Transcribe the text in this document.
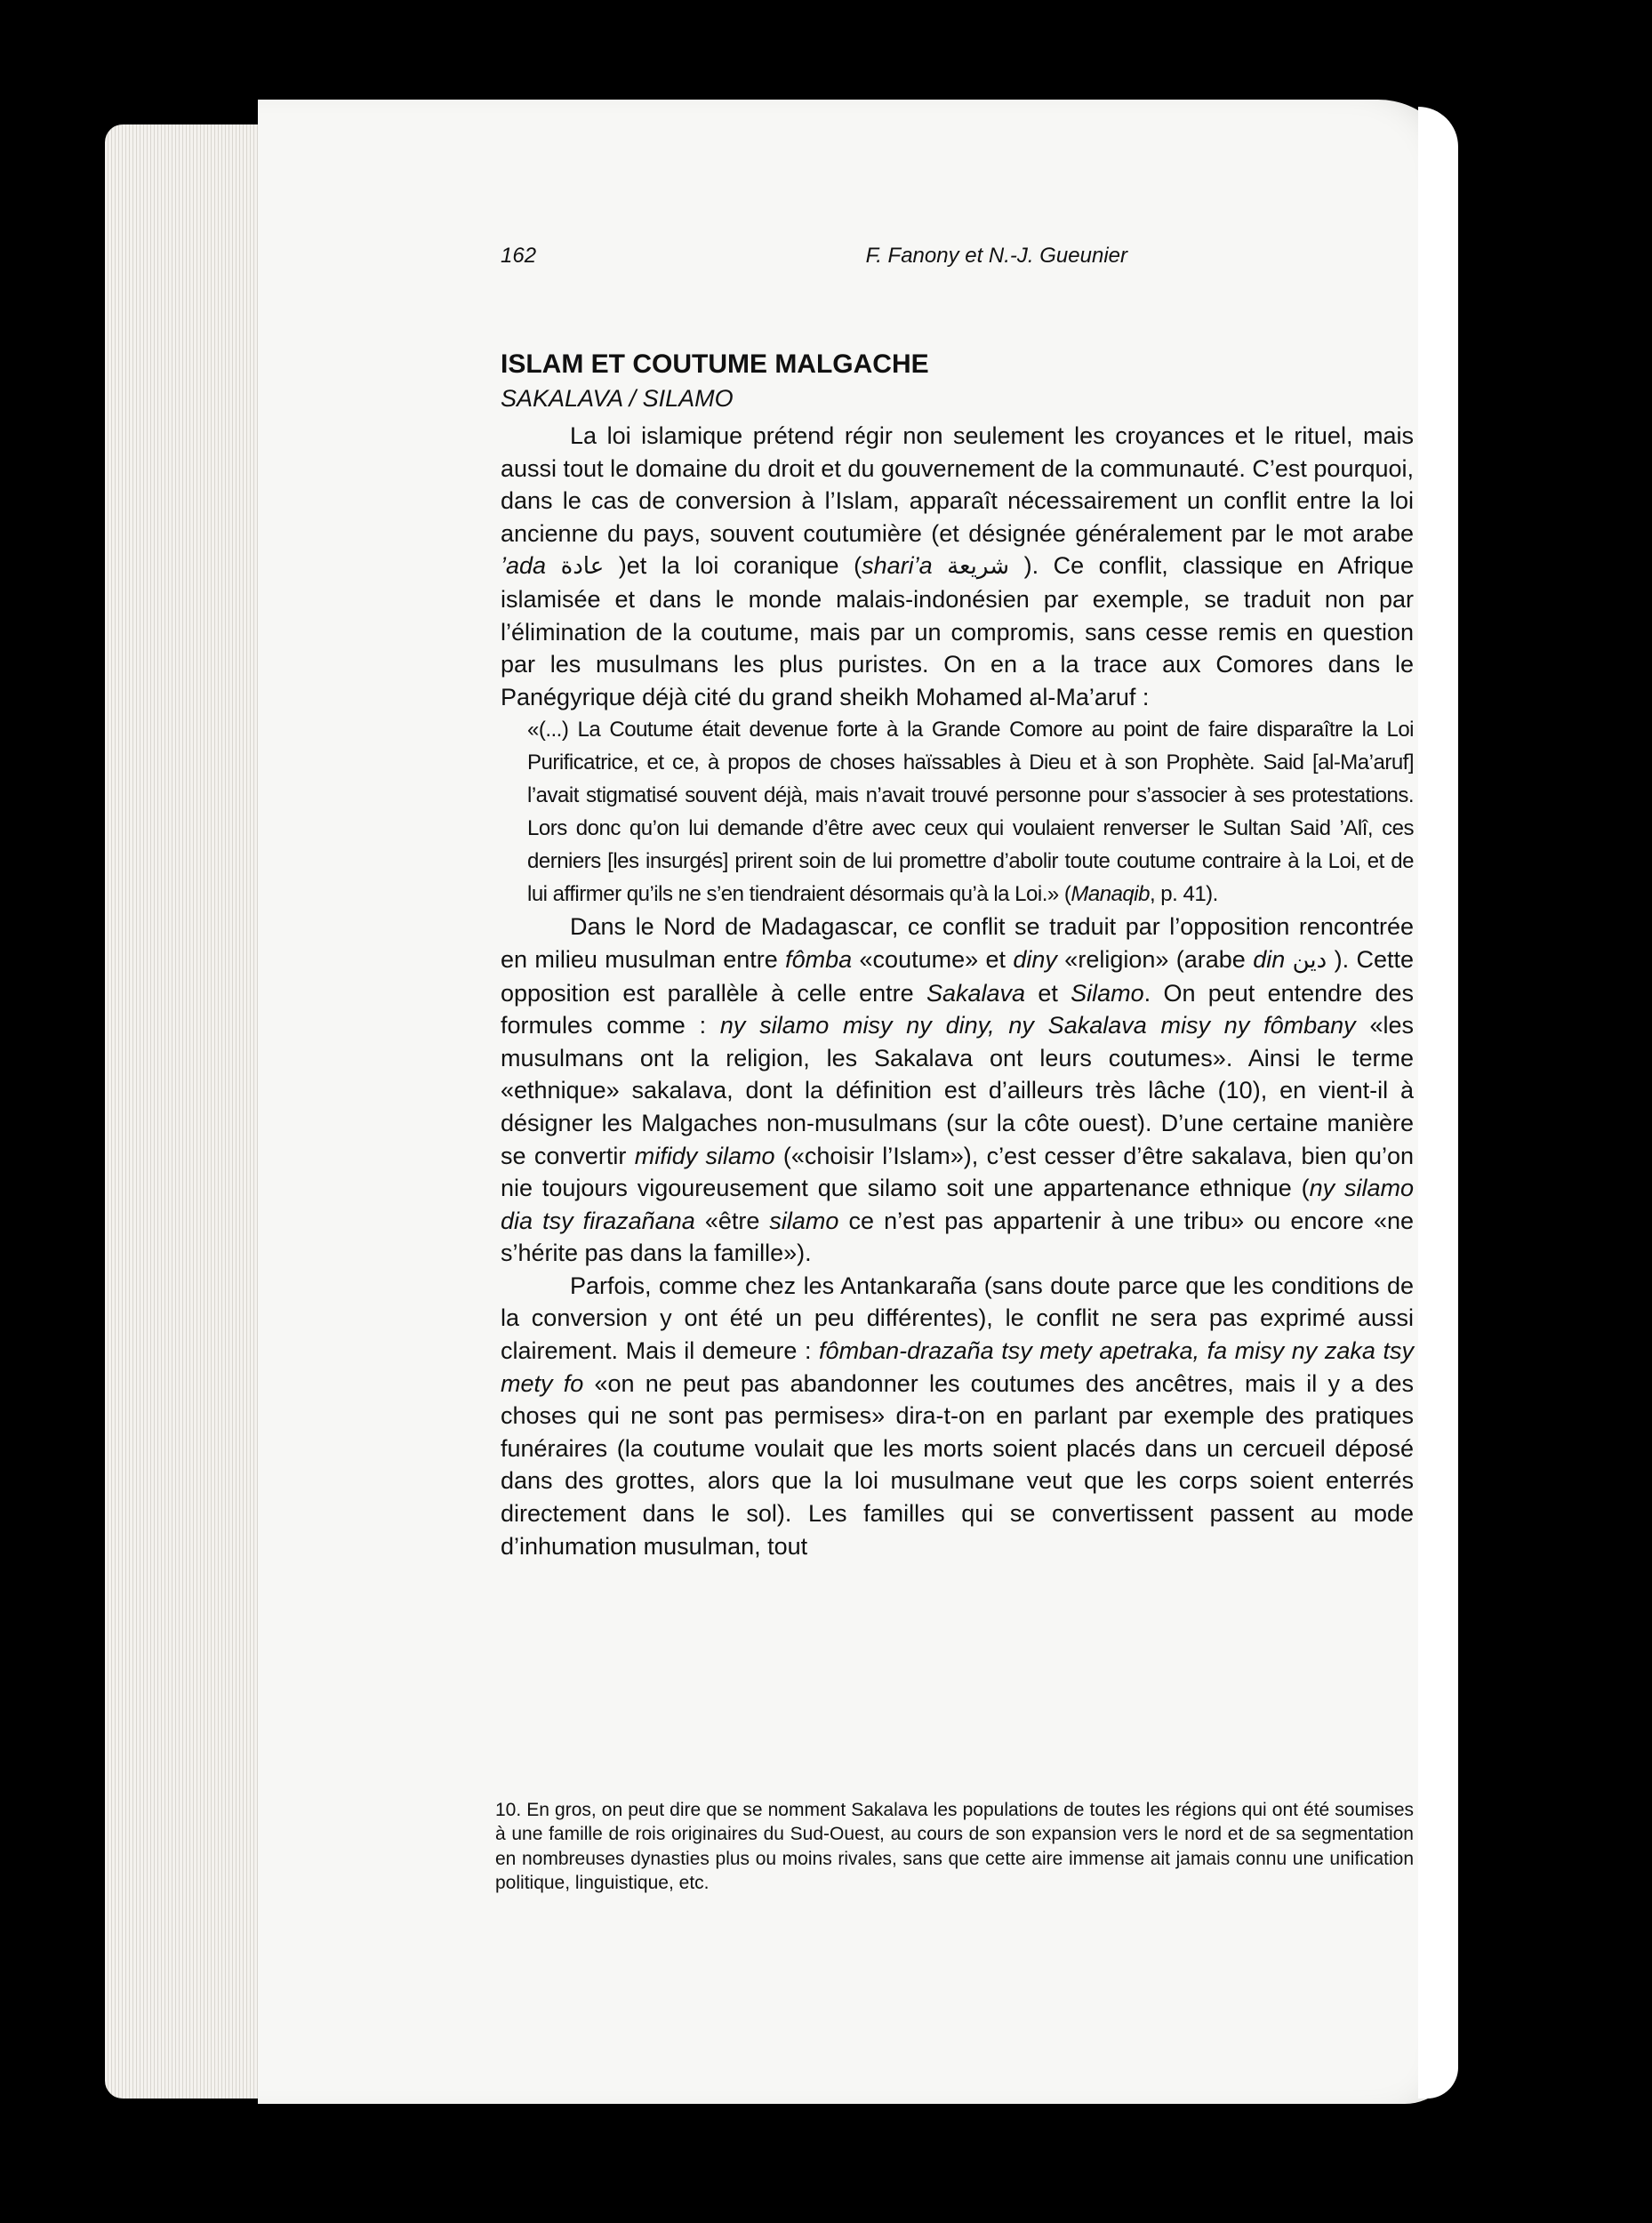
162	F. Fanony et N.-J. Gueunier
ISLAM ET COUTUME MALGACHE
SAKALAVA / SILAMO

La loi islamique prétend régir non seulement les croyances et le rituel, mais aussi tout le domaine du droit et du gouvernement de la communauté. C’est pourquoi, dans le cas de conversion à l’Islam, apparaît nécessairement un conflit entre la loi ancienne du pays, souvent coutumière (et désignée généralement par le mot arabe ’ada عادة )et la loi coranique (shari’a شريعة ). Ce conflit, classique en Afrique islamisée et dans le monde malais-indonésien par exemple, se traduit non par l’élimination de la coutume, mais par un compromis, sans cesse remis en question par les musulmans les plus puristes. On en a la trace aux Comores dans le Panégyrique déjà cité du grand sheikh Mohamed al-Ma’aruf :

«(...) La Coutume était devenue forte à la Grande Comore au point de faire disparaître la Loi Purificatrice, et ce, à propos de choses haïssables à Dieu et à son Prophète. Said [al-Ma’aruf] l’avait stigmatisé souvent déjà, mais n’avait trouvé personne pour s’associer à ses protestations. Lors donc qu’on lui demande d’être avec ceux qui voulaient renverser le Sultan Said ’Alî, ces derniers [les insurgés] prirent soin de lui promettre d’abolir toute coutume contraire à la Loi, et de lui affirmer qu’ils ne s’en tiendraient désormais qu’à la Loi.» (Manaqib, p. 41).

Dans le Nord de Madagascar, ce conflit se traduit par l’opposition rencontrée en milieu musulman entre fômba «coutume» et diny «religion» (arabe din دين ). Cette opposition est parallèle à celle entre Sakalava et Silamo. On peut entendre des formules comme : ny silamo misy ny diny, ny Sakalava misy ny fômbany «les musulmans ont la religion, les Sakalava ont leurs coutumes». Ainsi le terme «ethnique» sakalava, dont la définition est d’ailleurs très lâche (10), en vient-il à désigner les Malgaches non-musulmans (sur la côte ouest). D’une certaine manière se convertir mifidy silamo («choisir l’Islam»), c’est cesser d’être sakalava, bien qu’on nie toujours vigoureusement que silamo soit une appartenance ethnique (ny silamo dia tsy firazañana «être silamo ce n’est pas appartenir à une tribu» ou encore «ne s’hérite pas dans la famille»).

Parfois, comme chez les Antankaraña (sans doute parce que les conditions de la conversion y ont été un peu différentes), le conflit ne sera pas exprimé aussi clairement. Mais il demeure : fômban-drazaña tsy mety apetraka, fa misy ny zaka tsy mety fo «on ne peut pas abandonner les coutumes des ancêtres, mais il y a des choses qui ne sont pas permises» dira-t-on en parlant par exemple des pratiques funéraires (la coutume voulait que les morts soient placés dans un cercueil déposé dans des grottes, alors que la loi musulmane veut que les corps soient enterrés directement dans le sol). Les familles qui se convertissent passent au mode d’inhumation musulman, tout

10. En gros, on peut dire que se nomment Sakalava les populations de toutes les régions qui ont été soumises à une famille de rois originaires du Sud-Ouest, au cours de son expansion vers le nord et de sa segmentation en nombreuses dynasties plus ou moins rivales, sans que cette aire immense ait jamais connu une unification politique, linguistique, etc.
